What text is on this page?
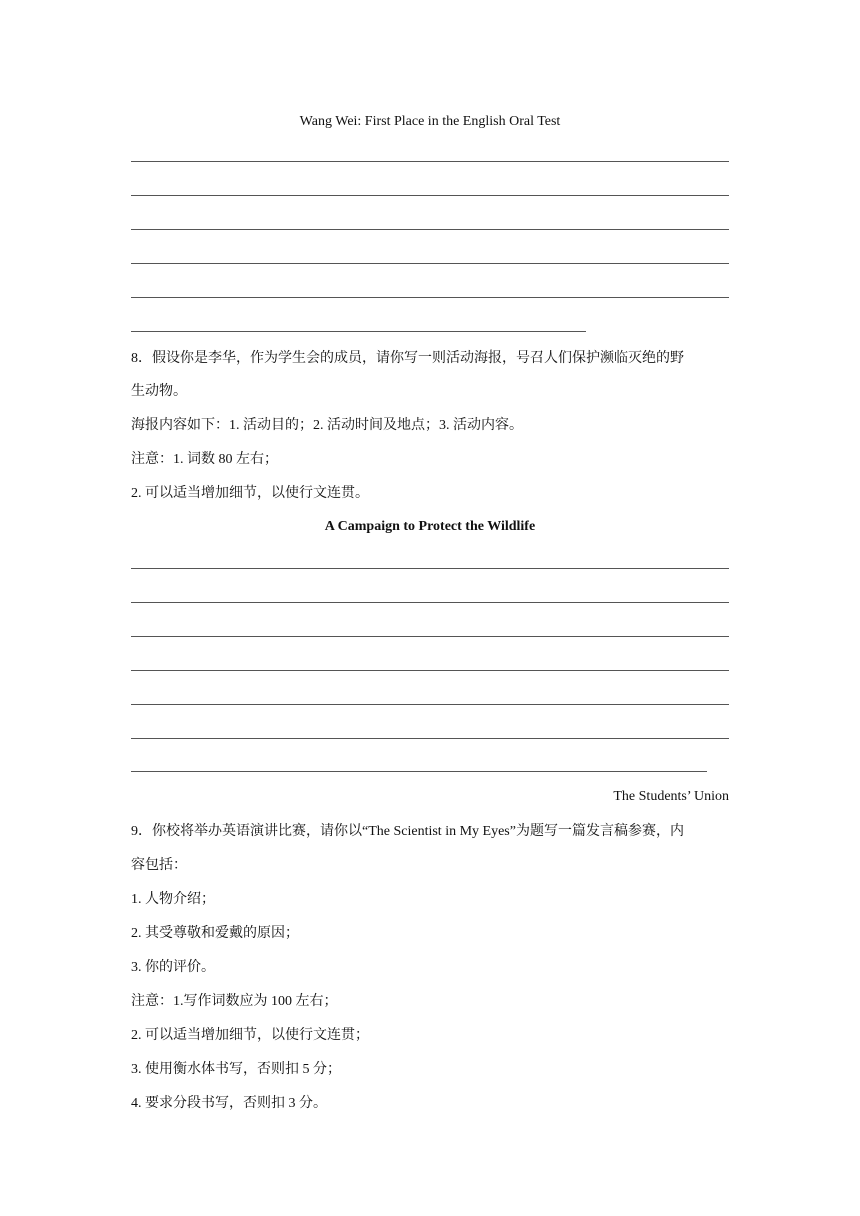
Wang Wei: First Place in the English Oral Test
8．假设你是李华，作为学生会的成员，请你写一则活动海报，号召人们保护濒临灭绝的野
生动物。
海报内容如下：1. 活动目的；2. 活动时间及地点；3. 活动内容。
注意：1. 词数 80 左右；
2. 可以适当增加细节，以使行文连贯。
A Campaign to Protect the Wildlife
The Students’ Union
9．你校将举办英语演讲比赛，请你以“The Scientist in My Eyes”为题写一篇发言稿参赛，内
容包括：
1. 人物介绍；
2. 其受尊敬和爱戴的原因；
3. 你的评价。
注意：1.写作词数应为 100 左右；
2. 可以适当增加细节，以使行文连贯；
3. 使用衡水体书写，否则扣 5 分；
4. 要求分段书写，否则扣 3 分。
